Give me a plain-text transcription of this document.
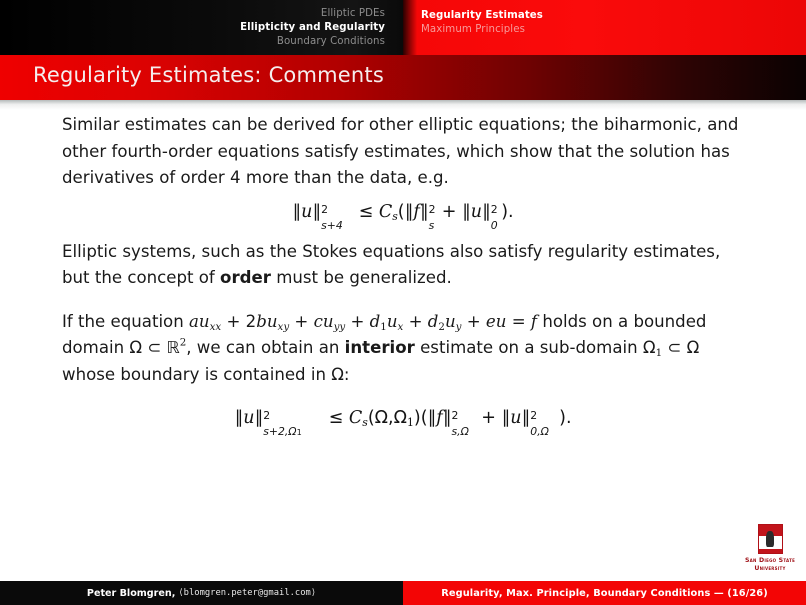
Elliptic PDEs
Ellipticity and Regularity
Boundary Conditions
Regularity Estimates
Maximum Principles
Regularity Estimates: Comments

Similar estimates can be derived for other elliptic equations; the biharmonic, and other fourth-order equations satisfy estimates, which show that the solution has derivatives of order 4 more than the data, e.g.

∥u∥ 2
s+4
≤ $C_s(\parallel f\parallel$ 2
s
+ ∥u∥ 2
0
).

Elliptic systems, such as the Stokes equations also satisfy regularity estimates, but the concept of order must be generalized.

If the equation $au_{xx} + 2bu_{xy} + cu_{yy} + d_1u_x + d_2u_y$ + eu = f holds on a bounded domain Ω ⊂ ℝ$^2$, we can obtain an interior estimate on a sub-domain $\Omega_1$ ⊂ Ω whose boundary is contained in Ω:

∥u∥ 2
s+2,Ω1
≤ $C_s(\Omega,\Omega_1)(\parallel f\parallel$ 2
s,Ω
+ ∥u∥ 2
0,Ω
).
San Diego State
University
Peter Blomgren, ⟨blomgren.peter@gmail.com⟩	Regularity, Max. Principle, Boundary Conditions — (16/26)
